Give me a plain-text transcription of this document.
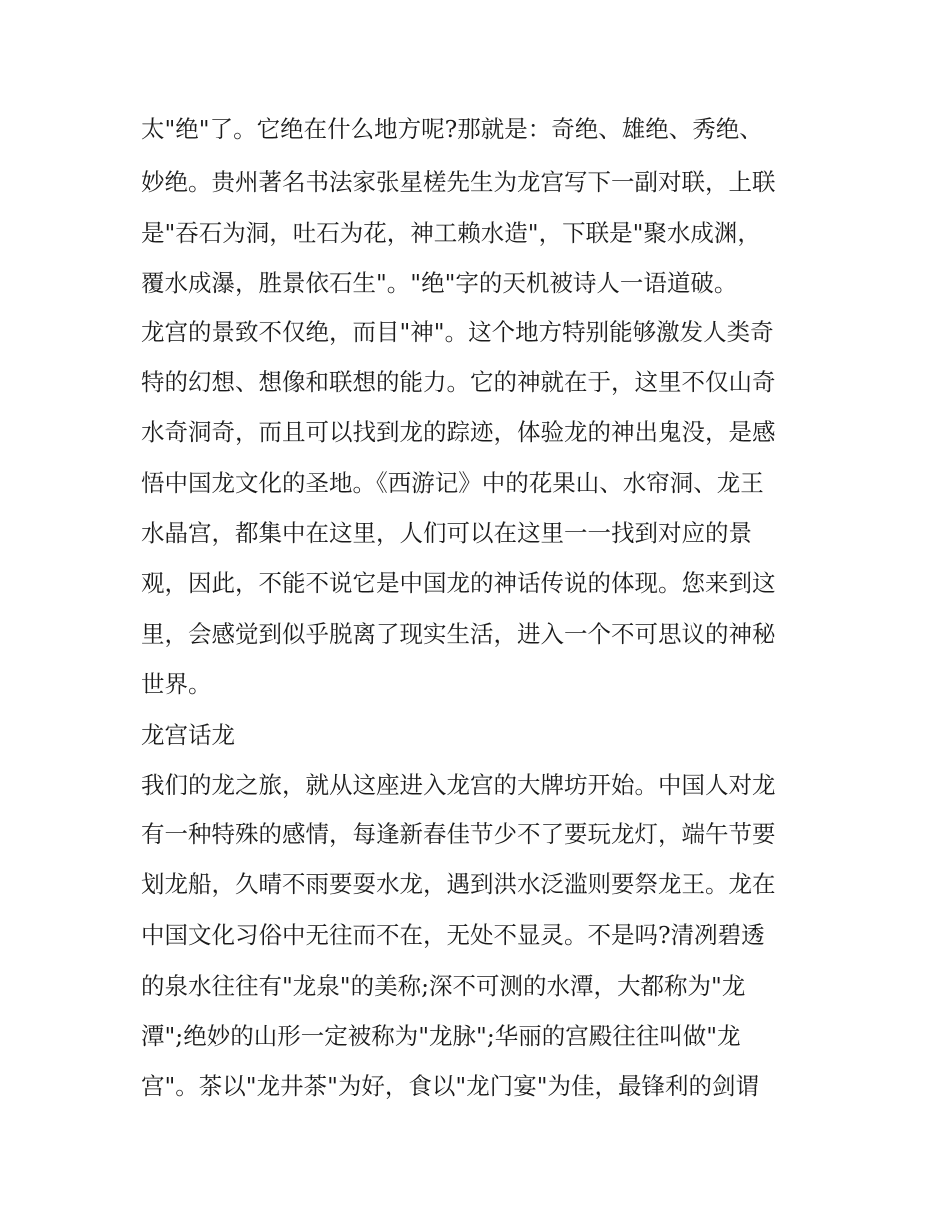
太"绝"了。它绝在什么地方呢?那就是：奇绝、雄绝、秀绝、
妙绝。贵州著名书法家张星槎先生为龙宫写下一副对联，上联
是"吞石为洞，吐石为花，神工赖水造"，下联是"聚水成渊，
覆水成瀑，胜景依石生"。"绝"字的天机被诗人一语道破。
龙宫的景致不仅绝，而目"神"。这个地方特别能够激发人类奇
特的幻想、想像和联想的能力。它的神就在于，这里不仅山奇
水奇洞奇，而且可以找到龙的踪迹，体验龙的神出鬼没，是感
悟中国龙文化的圣地。《西游记》中的花果山、水帘洞、龙王
水晶宫，都集中在这里，人们可以在这里一一找到对应的景
观，因此，不能不说它是中国龙的神话传说的体现。您来到这
里，会感觉到似乎脱离了现实生活，进入一个不可思议的神秘
世界。
龙宫话龙
我们的龙之旅，就从这座进入龙宫的大牌坊开始。中国人对龙
有一种特殊的感情，每逢新春佳节少不了要玩龙灯，端午节要
划龙船，久晴不雨要耍水龙，遇到洪水泛滥则要祭龙王。龙在
中国文化习俗中无往而不在，无处不显灵。不是吗?清冽碧透
的泉水往往有"龙泉"的美称;深不可测的水潭，大都称为"龙
潭";绝妙的山形一定被称为"龙脉";华丽的宫殿往往叫做"龙
宫"。茶以"龙井茶"为好，食以"龙门宴"为佳，最锋利的剑谓
